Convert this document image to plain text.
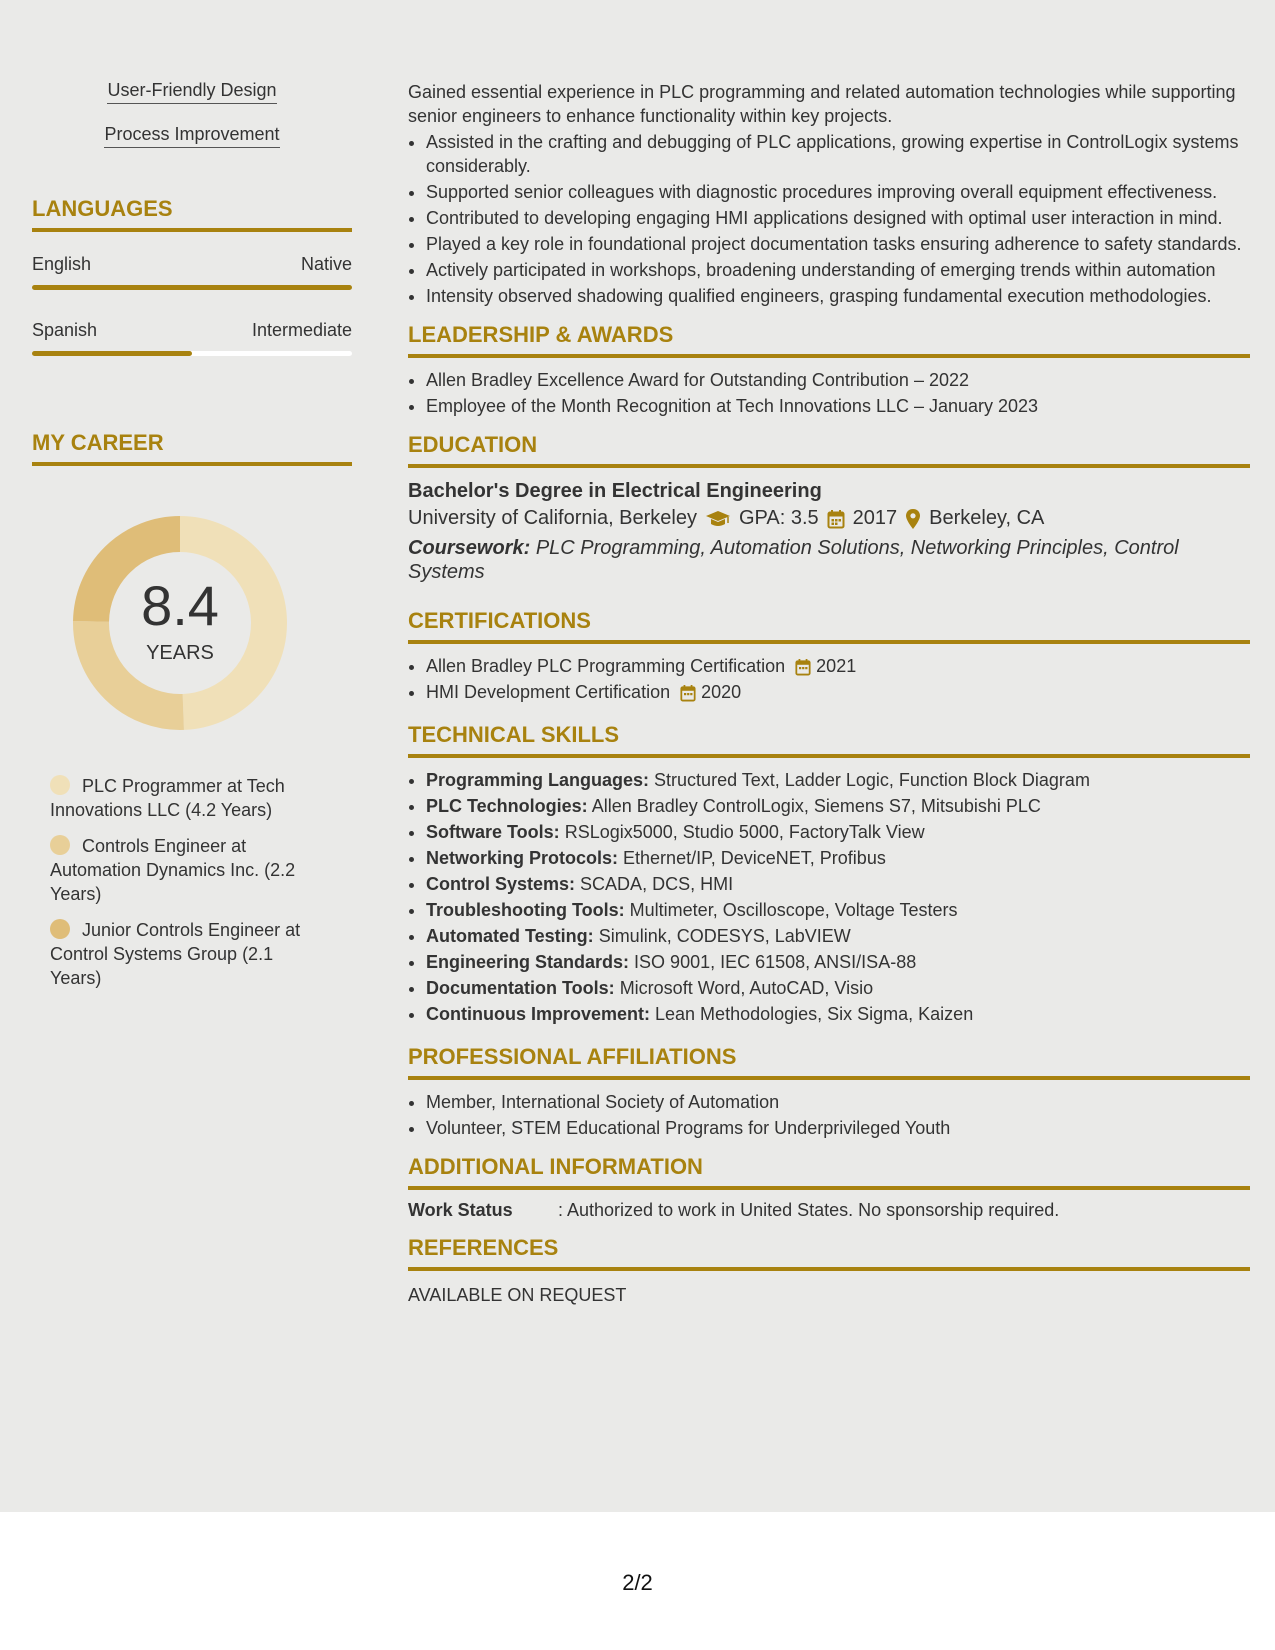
User-Friendly Design
Process Improvement
LANGUAGES
English	Native
Spanish	Intermediate
MY CAREER
8.4
YEARS
PLC Programmer at Tech Innovations LLC (4.2 Years)
Controls Engineer at Automation Dynamics Inc. (2.2 Years)
Junior Controls Engineer at Control Systems Group (2.1 Years)

Gained essential experience in PLC programming and related automation technologies while supporting senior engineers to enhance functionality within key projects.

• Assisted in the crafting and debugging of PLC applications, growing expertise in ControlLogix systems considerably.
• Supported senior colleagues with diagnostic procedures improving overall equipment effectiveness.
• Contributed to developing engaging HMI applications designed with optimal user interaction in mind.
• Played a key role in foundational project documentation tasks ensuring adherence to safety standards.
• Actively participated in workshops, broadening understanding of emerging trends within automation
• Intensity observed shadowing qualified engineers, grasping fundamental execution methodologies.
LEADERSHIP & AWARDS
• Allen Bradley Excellence Award for Outstanding Contribution – 2022
• Employee of the Month Recognition at Tech Innovations LLC – January 2023
EDUCATION
Bachelor's Degree in Electrical Engineering
University of California, Berkeley GPA: 3.5 2017 Berkeley, CA
Coursework: PLC Programming, Automation Solutions, Networking Principles, Control Systems
CERTIFICATIONS
• Allen Bradley PLC Programming Certification 2021
• HMI Development Certification 2020
TECHNICAL SKILLS
• Programming Languages: Structured Text, Ladder Logic, Function Block Diagram
• PLC Technologies: Allen Bradley ControlLogix, Siemens S7, Mitsubishi PLC
• Software Tools: RSLogix5000, Studio 5000, FactoryTalk View
• Networking Protocols: Ethernet/IP, DeviceNET, Profibus
• Control Systems: SCADA, DCS, HMI
• Troubleshooting Tools: Multimeter, Oscilloscope, Voltage Testers
• Automated Testing: Simulink, CODESYS, LabVIEW
• Engineering Standards: ISO 9001, IEC 61508, ANSI/ISA-88
• Documentation Tools: Microsoft Word, AutoCAD, Visio
• Continuous Improvement: Lean Methodologies, Six Sigma, Kaizen
PROFESSIONAL AFFILIATIONS
• Member, International Society of Automation
• Volunteer, STEM Educational Programs for Underprivileged Youth
ADDITIONAL INFORMATION
Work Status	: Authorized to work in United States. No sponsorship required.
REFERENCES
AVAILABLE ON REQUEST
2/2
